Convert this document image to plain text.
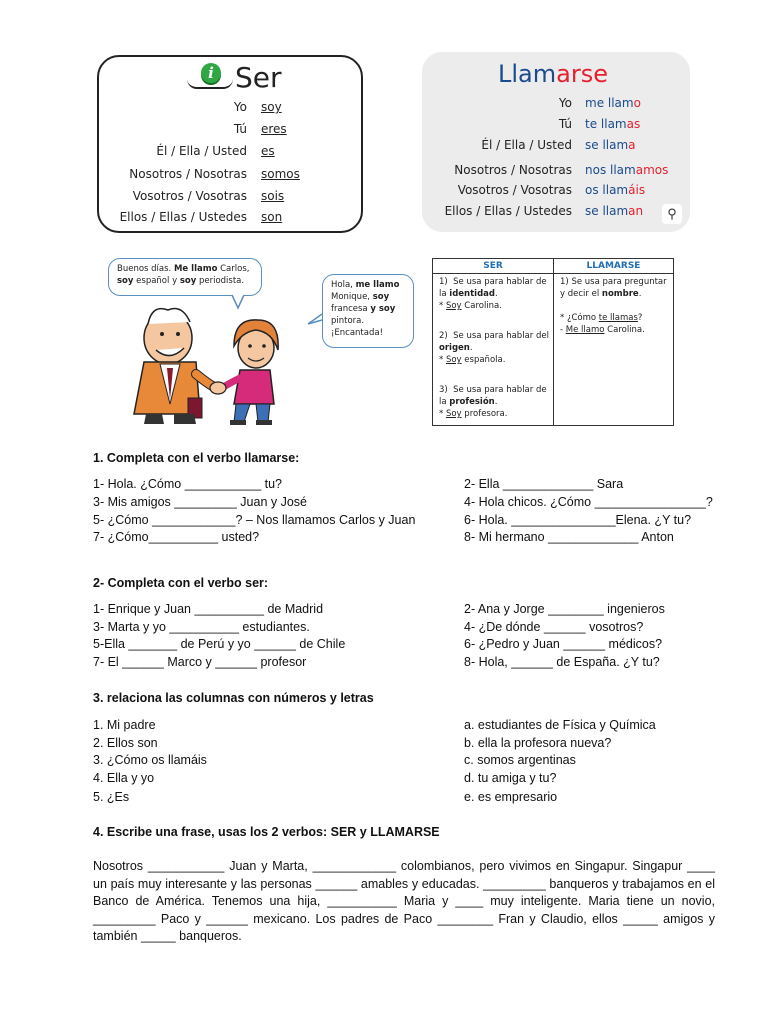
i Ser
Yo soy
Tú eres
Él / Ella / Usted es
Nosotros / Nosotras somos
Vosotros / Vosotras sois
Ellos / Ellas / Ustedes son
Llamarse
Yo me llamo
Tú te llamas
Él / Ella / Usted se llama
Nosotros / Nosotras nos llamamos
Vosotros / Vosotras os llamáis
Ellos / Ellas / Ustedes se llaman	⚲
Buenos días. Me llamo Carlos, soy español y soy periodista.	Hola, me llamo Monique, soy francesa y soy pintora. ¡Encantada!
SER	LLAMARSE
1) Se usa para hablar de la identidad.
* Soy Carolina.
2) Se usa para hablar del origen.
* Soy española.
3) Se usa para hablar de la profesión.
* Soy profesora.
1) Se usa para preguntar y decir el nombre.

* ¿Cómo te llamas?
- Me llamo Carolina.
1. Completa con el verbo llamarse:
1- Hola. ¿Cómo ___________ tu?
3- Mis amigos _________ Juan y José
5- ¿Cómo ____________? – Nos llamamos Carlos y Juan
7- ¿Cómo__________ usted?
2- Ella _____________ Sara
4- Hola chicos. ¿Cómo ________________?
6- Hola. _______________Elena. ¿Y tu?
8- Mi hermano _____________ Anton
2- Completa con el verbo ser:
1- Enrique y Juan __________ de Madrid
3- Marta y yo __________ estudiantes.
5-Ella _______ de Perú y yo ______ de Chile
7- El ______ Marco y ______ profesor
2- Ana y Jorge ________ ingenieros
4- ¿De dónde ______ vosotros?
6- ¿Pedro y Juan ______ médicos?
8- Hola, ______ de España. ¿Y tu?
3. relaciona las columnas con números y letras
1. Mi padre
2. Ellos son
3. ¿Cómo os llamáis
4. Ella y yo
5. ¿Es
a. estudiantes de Física y Química
b. ella la profesora nueva?
c. somos argentinas
d. tu amiga y tu?
e. es empresario
4. Escribe una frase, usas los 2 verbos: SER y LLAMARSE
Nosotros ___________ Juan y Marta, ____________ colombianos, pero vivimos en Singapur. Singapur ____ un país muy interesante y las personas ______ amables y educadas. _________ banqueros y trabajamos en el Banco de América. Tenemos una hija, __________ Maria y ____ muy inteligente. Maria tiene un novio, _________ Paco y ______ mexicano. Los padres de Paco ________ Fran y Claudio, ellos _____ amigos y también _____ banqueros.
